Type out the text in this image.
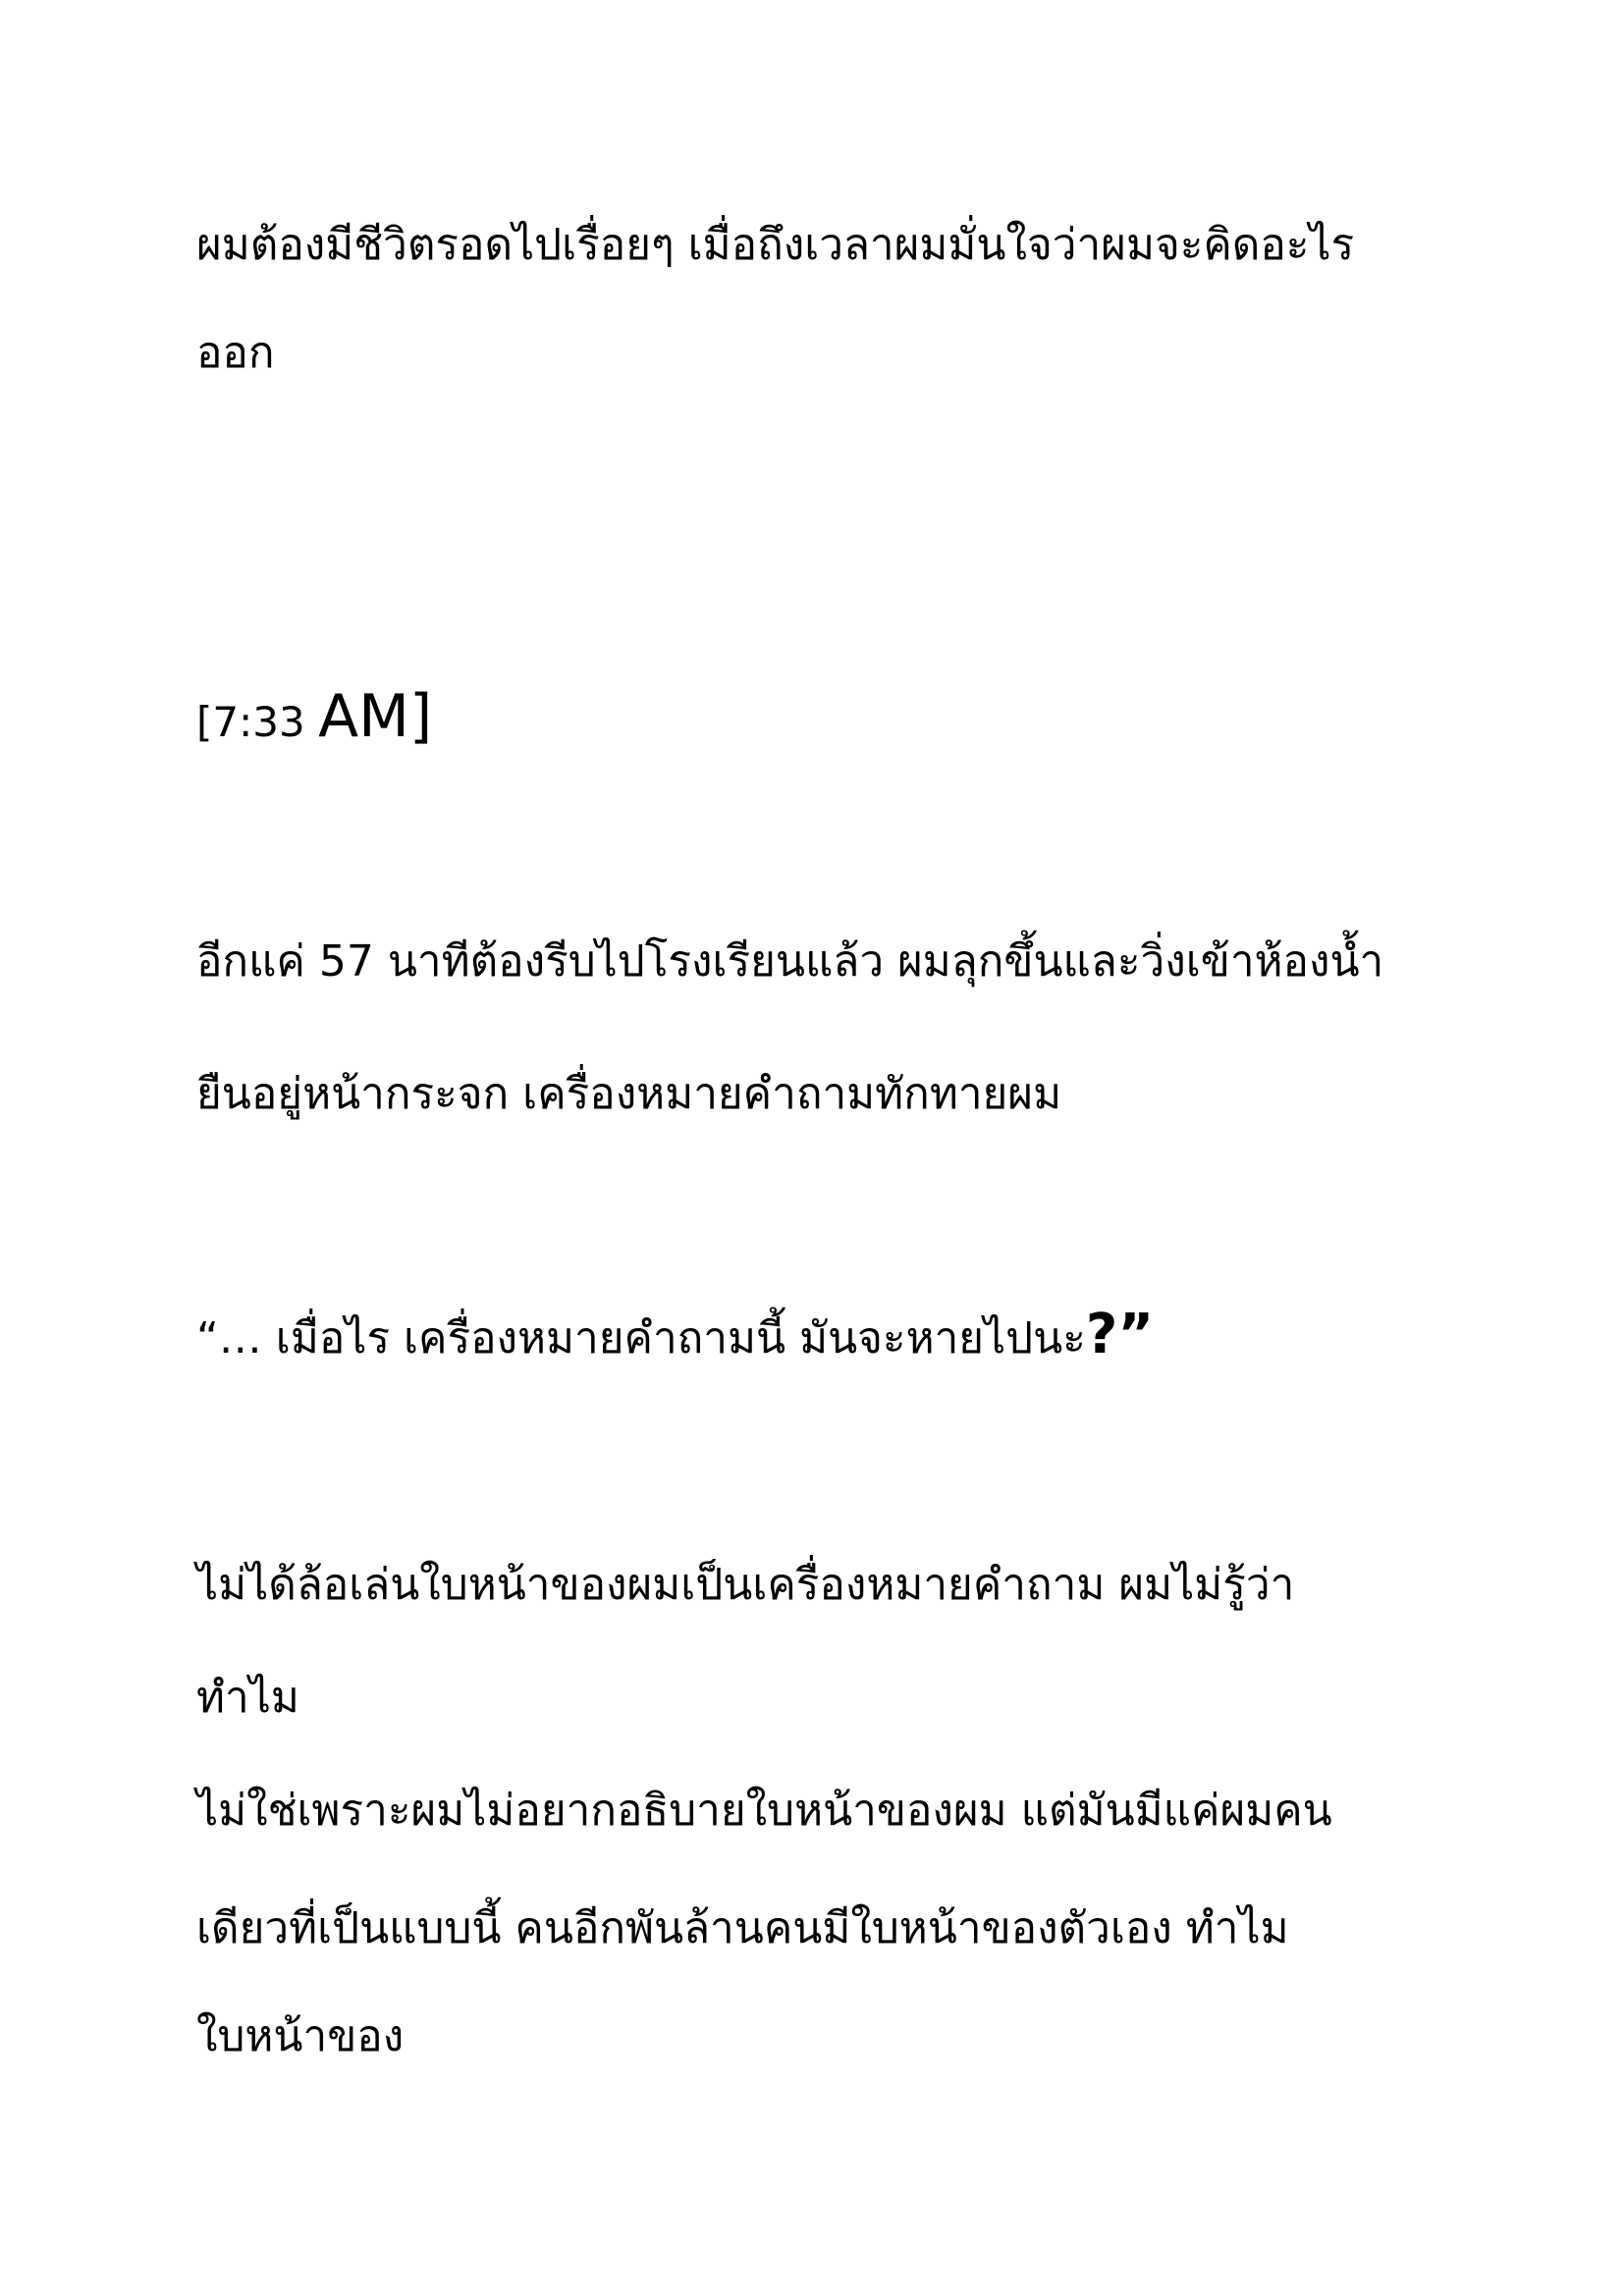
ผมต้องมีชีวิตรอดไปเรื่อยๆ เมื่อถึงเวลาผมมั่นใจว่าผมจะคิดอะไร

ออก

[7:33 AM]

อีกแค่ 57 นาทีต้องรีบไปโรงเรียนแล้ว ผมลุกขึ้นและวิ่งเข้าห้องน้ำ

ยืนอยู่หน้ากระจก เครื่องหมายคำถามทักทายผม

“… เมื่อไร เครื่องหมายคำถามนี้ มันจะหายไปนะ?”

ไม่ได้ล้อเล่นใบหน้าของผมเป็นเครื่องหมายคำถาม ผมไม่รู้ว่า

ทำไม

ไม่ใช่เพราะผมไม่อยากอธิบายใบหน้าของผม แต่มันมีแค่ผมคน

เดียวที่เป็นแบบนี้ คนอีกพันล้านคนมีใบหน้าของตัวเอง ทำไม

ใบหน้าของ
